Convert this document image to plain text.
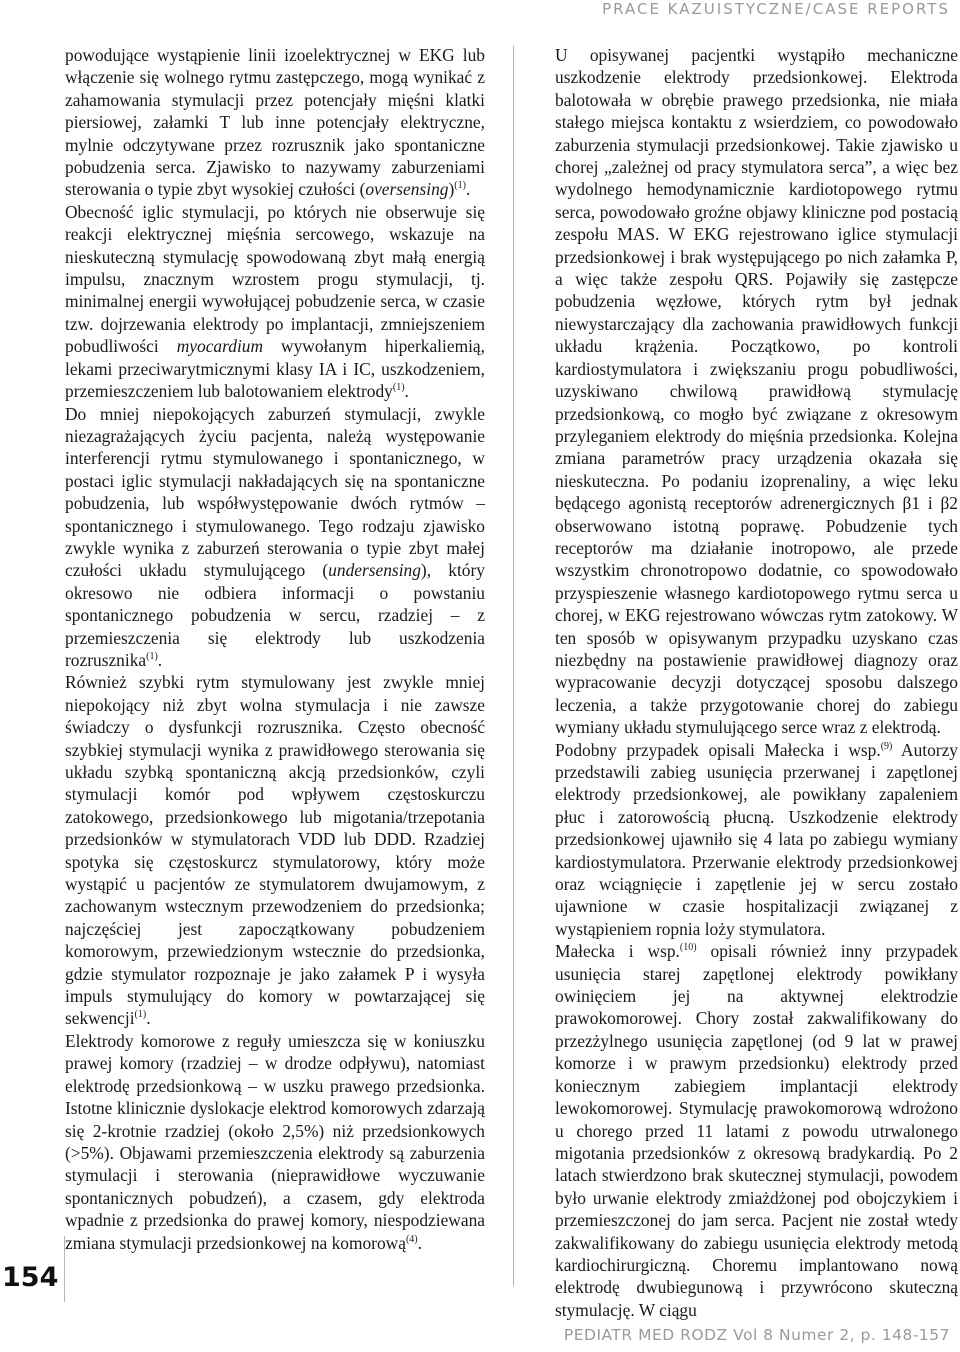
PRACE KAZUISTYCZNE/CASE REPORTS

powodujące wystąpienie linii izoelektrycznej w EKG lub włączenie się wolnego rytmu zastępczego, mogą wynikać z zahamowania stymulacji przez potencjały mięśni klatki piersiowej, załamki T lub inne potencjały elektryczne, mylnie odczytywane przez rozrusznik jako spontaniczne pobudzenia serca. Zjawisko to nazywamy zaburzeniami sterowania o typie zbyt wysokiej czułości (oversensing)$^{(1)}$.

Obecność iglic stymulacji, po których nie obserwuje się reakcji elektrycznej mięśnia sercowego, wskazuje na nieskuteczną stymulację spowodowaną zbyt małą energią impulsu, znacznym wzrostem progu stymulacji, tj. minimalnej energii wywołującej pobudzenie serca, w czasie tzw. dojrzewania elektrody po implantacji, zmniejszeniem pobudliwości myocardium wywołanym hiperkaliemią, lekami przeciwarytmicznymi klasy IA i IC, uszkodzeniem, przemieszczeniem lub balotowaniem elektrody$^{(1)}$.

Do mniej niepokojących zaburzeń stymulacji, zwykle niezagrażających życiu pacjenta, należą występowanie interferencji rytmu stymulowanego i spontanicznego, w postaci iglic stymulacji nakładających się na spontaniczne pobudzenia, lub współwystępowanie dwóch rytmów – spontanicznego i stymulowanego. Tego rodzaju zjawisko zwykle wynika z zaburzeń sterowania o typie zbyt małej czułości układu stymulującego (undersensing), który okresowo nie odbiera informacji o powstaniu spontanicznego pobudzenia w sercu, rzadziej – z przemieszczenia się elektrody lub uszkodzenia rozrusznika$^{(1)}$.

Również szybki rytm stymulowany jest zwykle mniej niepokojący niż zbyt wolna stymulacja i nie zawsze świadczy o dysfunkcji rozrusznika. Często obecność szybkiej stymulacji wynika z prawidłowego sterowania się układu szybką spontaniczną akcją przedsionków, czyli stymulacji komór pod wpływem częstoskurczu zatokowego, przedsionkowego lub migotania/trzepotania przedsionków w stymulatorach VDD lub DDD. Rzadziej spotyka się częstoskurcz stymulatorowy, który może wystąpić u pacjentów ze stymulatorem dwujamowym, z zachowanym wstecznym przewodzeniem do przedsionka; najczęściej jest zapoczątkowany pobudzeniem komorowym, przewiedzionym wstecznie do przedsionka, gdzie stymulator rozpoznaje je jako załamek P i wysyła impuls stymulujący do komory w powtarzającej się sekwencji$^{(1)}$.

Elektrody komorowe z reguły umieszcza się w koniuszku prawej komory (rzadziej – w drodze odpływu), natomiast elektrodę przedsionkową – w uszku prawego przedsionka. Istotne klinicznie dyslokacje elektrod komorowych zdarzają się 2-krotnie rzadziej (około 2,5%) niż przedsionkowych (>5%). Objawami przemieszczenia elektrody są zaburzenia stymulacji i sterowania (nieprawidłowe wyczuwanie spontanicznych pobudzeń), a czasem, gdy elektroda wpadnie z przedsionka do prawej komory, niespodziewana zmiana stymulacji przedsionkowej na komorową$^{(4)}$.

U opisywanej pacjentki wystąpiło mechaniczne uszkodzenie elektrody przedsionkowej. Elektroda balotowała w obrębie prawego przedsionka, nie miała stałego miejsca kontaktu z wsierdziem, co powodowało zaburzenia stymulacji przedsionkowej. Takie zjawisko u chorej „zależnej od pracy stymulatora serca”, a więc bez wydolnego hemodynamicznie kardiotopowego rytmu serca, powodowało groźne objawy kliniczne pod postacią zespołu MAS. W EKG rejestrowano iglice stymulacji przedsionkowej i brak występującego po nich załamka P, a więc także zespołu QRS. Pojawiły się zastępcze pobudzenia węzłowe, których rytm był jednak niewystarczający dla zachowania prawidłowych funkcji układu krążenia. Początkowo, po kontroli kardiostymulatora i zwiększaniu progu pobudliwości, uzyskiwano chwilową prawidłową stymulację przedsionkową, co mogło być związane z okresowym przyleganiem elektrody do mięśnia przedsionka. Kolejna zmiana parametrów pracy urządzenia okazała się nieskuteczna. Po podaniu izoprenaliny, a więc leku będącego agonistą receptorów adrenergicznych β1 i β2 obserwowano istotną poprawę. Pobudzenie tych receptorów ma działanie inotropowo, ale przede wszystkim chronotropowo dodatnie, co spowodowało przyspieszenie własnego kardiotopowego rytmu serca u chorej, w EKG rejestrowano wówczas rytm zatokowy. W ten sposób w opisywanym przypadku uzyskano czas niezbędny na postawienie prawidłowej diagnozy oraz wypracowanie decyzji dotyczącej sposobu dalszego leczenia, a także przygotowanie chorej do zabiegu wymiany układu stymulującego serce wraz z elektrodą.

Podobny przypadek opisali Małecka i wsp.$^{(9)}$ Autorzy przedstawili zabieg usunięcia przerwanej i zapętlonej elektrody przedsionkowej, ale powikłany zapaleniem płuc i zatorowością płucną. Uszkodzenie elektrody przedsionkowej ujawniło się 4 lata po zabiegu wymiany kardiostymulatora. Przerwanie elektrody przedsionkowej oraz wciągnięcie i zapętlenie jej w sercu zostało ujawnione w czasie hospitalizacji związanej z wystąpieniem ropnia loży stymulatora.

Małecka i wsp.$^{(10)}$ opisali również inny przypadek usunięcia starej zapętlonej elektrody powikłany owinięciem jej na aktywnej elektrodzie prawokomorowej. Chory został zakwalifikowany do przezżylnego usunięcia zapętlonej (od 9 lat w prawej komorze i w prawym przedsionku) elektrody przed koniecznym zabiegiem implantacji elektrody lewokomorowej. Stymulację prawokomorową wdrożono u chorego przed 11 latami z powodu utrwalonego migotania przedsionków z okresową bradykardią. Po 2 latach stwierdzono brak skutecznej stymulacji, powodem było urwanie elektrody zmiażdżonej pod obojczykiem i przemieszczonej do jam serca. Pacjent nie został wtedy zakwalifikowany do zabiegu usunięcia elektrody metodą kardiochirurgiczną. Choremu implantowano nową elektrodę dwubiegunową i przywrócono skuteczną stymulację. W ciągu

154
PEDIATR MED RODZ Vol 8 Numer 2, p. 148-157
